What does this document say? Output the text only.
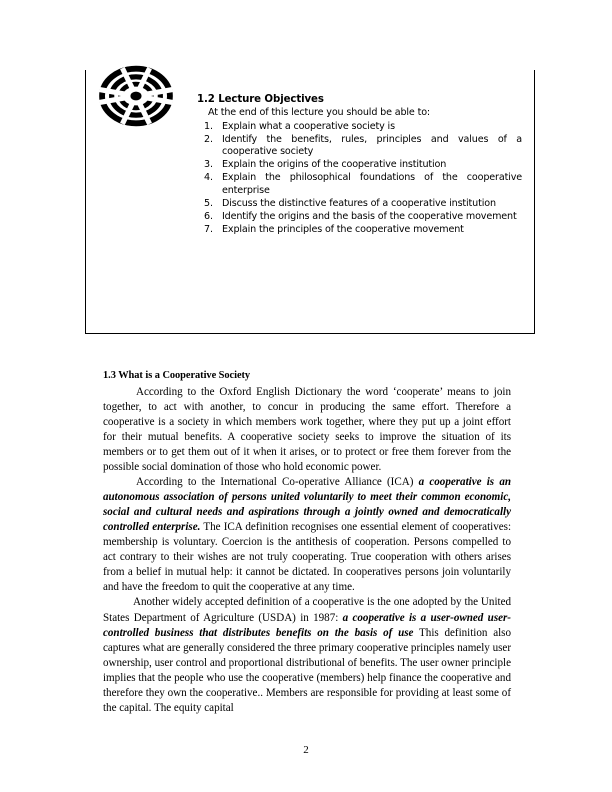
1.2 Lecture Objectives
At the end of this lecture you should be able to:
1. Explain what a cooperative society is
2. Identify the benefits, rules, principles and values of a cooperative society
3. Explain the origins of the cooperative institution
4. Explain the philosophical foundations of the cooperative enterprise
5. Discuss the distinctive features of a cooperative institution
6. Identify the origins and the basis of the cooperative movement
7. Explain the principles of the cooperative movement
1.3 What is a Cooperative Society

According to the Oxford English Dictionary the word ‘cooperate’ means to join together, to act with another, to concur in producing the same effort. Therefore a cooperative is a society in which members work together, where they put up a joint effort for their mutual benefits. A cooperative society seeks to improve the situation of its members or to get them out of it when it arises, or to protect or free them forever from the possible social domination of those who hold economic power.

According to the International Co-operative Alliance (ICA) a cooperative is an autonomous association of persons united voluntarily to meet their common economic, social and cultural needs and aspirations through a jointly owned and democratically controlled enterprise. The ICA definition recognises one essential element of cooperatives: membership is voluntary. Coercion is the antithesis of cooperation. Persons compelled to act contrary to their wishes are not truly cooperating. True cooperation with others arises from a belief in mutual help: it cannot be dictated. In cooperatives persons join voluntarily and have the freedom to quit the cooperative at any time.

Another widely accepted definition of a cooperative is the one adopted by the United States Department of Agriculture (USDA) in 1987: a cooperative is a user-owned user- controlled business that distributes benefits on the basis of use This definition also captures what are generally considered the three primary cooperative principles namely user ownership, user control and proportional distributional of benefits. The user owner principle implies that the people who use the cooperative (members) help finance the cooperative and therefore they own the cooperative.. Members are responsible for providing at least some of the capital. The equity capital

2
